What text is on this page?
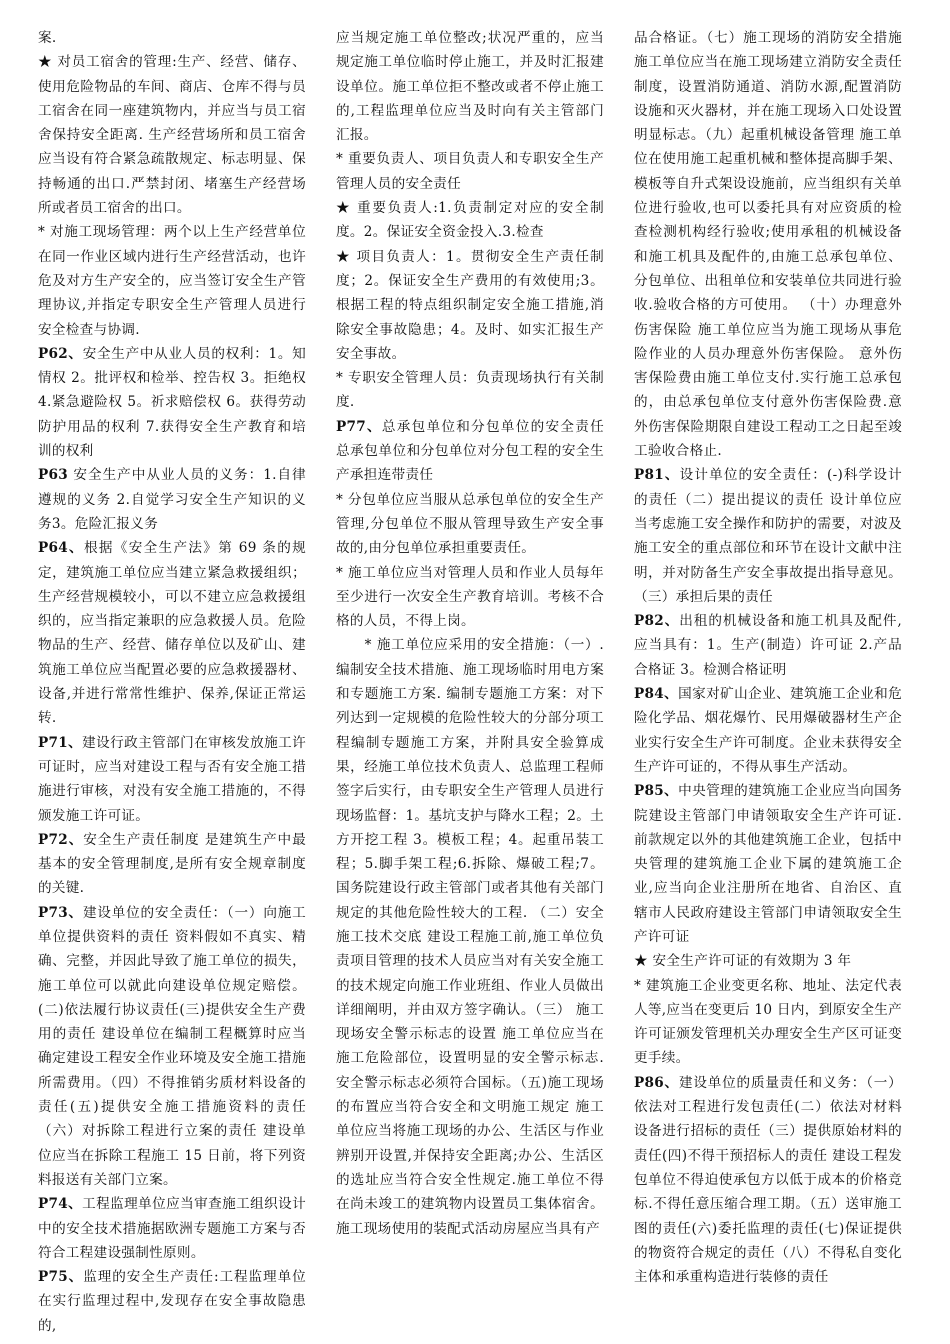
案.

★ 对员工宿舍的管理:生产、经营、储存、使用危险物品的车间、商店、仓库不得与员工宿舍在同一座建筑物内，并应当与员工宿舍保持安全距离. 生产经营场所和员工宿舍应当设有符合紧急疏散规定、标志明显、保持畅通的出口.严禁封闭、堵塞生产经营场所或者员工宿舍的出口。

* 对施工现场管理：两个以上生产经营单位在同一作业区域内进行生产经营活动，也许危及对方生产安全的，应当签订安全生产管理协议,并指定专职安全生产管理人员进行安全检查与协调.

P62、安全生产中从业人员的权利：1。知情权 2。批评权和检举、控告权 3。拒绝权 4.紧急避险权 5。祈求赔偿权 6。获得劳动防护用品的权利 7.获得安全生产教育和培训的权利

P63 安全生产中从业人员的义务：1.自律遵规的义务 2.自觉学习安全生产知识的义务3。危险汇报义务

P64、根据《安全生产法》第 69 条的规定，建筑施工单位应当建立紧急救援组织；生产经营规模较小，可以不建立应急救援组织的，应当指定兼职的应急救援人员。危险物品的生产、经营、储存单位以及矿山、建筑施工单位应当配置必要的应急救援器材、设备,并进行常常性维护、保养,保证正常运转.

P71、建设行政主管部门在审核发放施工许可证时，应当对建设工程与否有安全施工措施进行审核，对没有安全施工措施的，不得颁发施工许可证。

P72、安全生产责任制度 是建筑生产中最基本的安全管理制度,是所有安全规章制度的关键.

P73、建设单位的安全责任：（一）向施工单位提供资料的责任 资料假如不真实、精确、完整，并因此导致了施工单位的损失，施工单位可以就此向建设单位规定赔偿。(二)依法履行协议责任(三)提供安全生产费用的责任 建设单位在编制工程概算时应当确定建设工程安全作业环境及安全施工措施所需费用。（四）不得推销劣质材料设备的责任(五)提供安全施工措施资料的责任（六）对拆除工程进行立案的责任 建设单位应当在拆除工程施工 15 日前，将下列资料报送有关部门立案。

P74、工程监理单位应当审查施工组织设计中的安全技术措施据欧洲专题施工方案与否符合工程建设强制性原则。

P75、监理的安全生产责任:工程监理单位在实行监理过程中,发现存在安全事故隐患的,

应当规定施工单位整改;状况严重的，应当规定施工单位临时停止施工，并及时汇报建设单位。施工单位拒不整改或者不停止施工的,工程监理单位应当及时向有关主管部门汇报。

* 重要负责人、项目负责人和专职安全生产管理人员的安全责任

★ 重要负责人:1.负责制定对应的安全制度。2。保证安全资金投入.3.检查

★ 项目负责人：1。贯彻安全生产责任制度；2。保证安全生产费用的有效使用;3。根据工程的特点组织制定安全施工措施,消除安全事故隐患；4。及时、如实汇报生产安全事故。

* 专职安全管理人员：负责现场执行有关制度.

P77、总承包单位和分包单位的安全责任 总承包单位和分包单位对分包工程的安全生产承担连带责任

* 分包单位应当服从总承包单位的安全生产管理,分包单位不服从管理导致生产安全事故的,由分包单位承担重要责任。

* 施工单位应当对管理人员和作业人员每年至少进行一次安全生产教育培训。考核不合格的人员，不得上岗。

　　* 施工单位应采用的安全措施：（一）.编制安全技术措施、施工现场临时用电方案和专题施工方案. 编制专题施工方案：对下列达到一定规模的危险性较大的分部分项工程编制专题施工方案，并附具安全验算成果，经施工单位技术负责人、总监理工程师签字后实行，由专职安全生产管理人员进行现场监督：1。基坑支护与降水工程；2。土方开挖工程 3。模板工程；4。起重吊装工程；5.脚手架工程;6.拆除、爆破工程;7。国务院建设行政主管部门或者其他有关部门规定的其他危险性较大的工程. （二）安全施工技术交底 建设工程施工前,施工单位负责项目管理的技术人员应当对有关安全施工的技术规定向施工作业班组、作业人员做出详细阐明，并由双方签字确认。（三） 施工现场安全警示标志的设置 施工单位应当在施工危险部位，设置明显的安全警示标志.安全警示标志必须符合国标。（五)施工现场的布置应当符合安全和文明施工规定 施工单位应当将施工现场的办公、生活区与作业辨别开设置,并保持安全距离;办公、生活区的选址应当符合安全性规定.施工单位不得在尚未竣工的建筑物内设置员工集体宿舍。 施工现场使用的装配式活动房屋应当具有产

品合格证。（七）施工现场的消防安全措施 施工单位应当在施工现场建立消防安全责任制度，设置消防通道、消防水源,配置消防设施和灭火器材，并在施工现场入口处设置明显标志。（九）起重机械设备管理 施工单位在使用施工起重机械和整体提高脚手架、模板等自升式架设设施前，应当组织有关单位进行验收,也可以委托具有对应资质的检查检测机构经行验收;使用承租的机械设备和施工机具及配件的,由施工总承包单位、分包单位、出租单位和安装单位共同进行验收.验收合格的方可使用。 （十）办理意外伤害保险 施工单位应当为施工现场从事危险作业的人员办理意外伤害保险。 意外伤害保险费由施工单位支付.实行施工总承包的，由总承包单位支付意外伤害保险费.意外伤害保险期限自建设工程动工之日起至竣工验收合格止.

P81、设计单位的安全责任：(-)科学设计的责任（二）提出提议的责任 设计单位应当考虑施工安全操作和防护的需要，对波及施工安全的重点部位和环节在设计文献中注明，并对防备生产安全事故提出指导意见。（三）承担后果的责任

P82、出租的机械设备和施工机具及配件,应当具有：1。生产(制造）许可证 2.产品合格证 3。检测合格证明

P84、国家对矿山企业、建筑施工企业和危险化学品、烟花爆竹、民用爆破器材生产企业实行安全生产许可制度。企业未获得安全生产许可证的，不得从事生产活动。

P85、中央管理的建筑施工企业应当向国务院建设主管部门申请领取安全生产许可证.前款规定以外的其他建筑施工企业，包括中央管理的建筑施工企业下属的建筑施工企业,应当向企业注册所在地省、自治区、直辖市人民政府建设主管部门申请领取安全生产许可证

★ 安全生产许可证的有效期为 3 年

* 建筑施工企业变更名称、地址、法定代表人等,应当在变更后 10 日内，到原安全生产许可证颁发管理机关办理安全生产区可证变更手续。

P86、建设单位的质量责任和义务：（一）依法对工程进行发包责任(二）依法对材料设备进行招标的责任（三）提供原始材料的责任(四)不得干预招标人的责任 建设工程发包单位不得迫使承包方以低于成本的价格竞标.不得任意压缩合理工期。（五）送审施工图的责任(六)委托监理的责任(七)保证提供的物资符合规定的责任（八）不得私自变化主体和承重构造进行装修的责任
